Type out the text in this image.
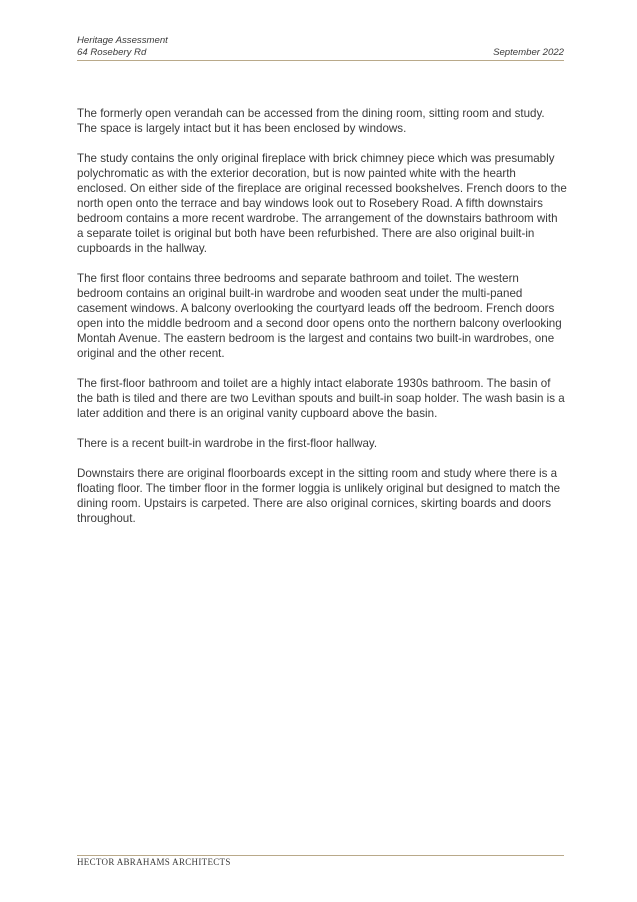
Heritage Assessment
64 Rosebery Rd	September 2022

The formerly open verandah can be accessed from the dining room, sitting room and study. The space is largely intact but it has been enclosed by windows.

The study contains the only original fireplace with brick chimney piece which was presumably polychromatic as with the exterior decoration, but is now painted white with the hearth enclosed. On either side of the fireplace are original recessed bookshelves. French doors to the north open onto the terrace and bay windows look out to Rosebery Road. A fifth downstairs bedroom contains a more recent wardrobe. The arrangement of the downstairs bathroom with a separate toilet is original but both have been refurbished. There are also original built-in cupboards in the hallway.

The first floor contains three bedrooms and separate bathroom and toilet. The western bedroom contains an original built-in wardrobe and wooden seat under the multi-paned casement windows. A balcony overlooking the courtyard leads off the bedroom. French doors open into the middle bedroom and a second door opens onto the northern balcony overlooking Montah Avenue. The eastern bedroom is the largest and contains two built-in wardrobes, one original and the other recent.

The first-floor bathroom and toilet are a highly intact elaborate 1930s bathroom. The basin of the bath is tiled and there are two Levithan spouts and built-in soap holder. The wash basin is a later addition and there is an original vanity cupboard above the basin.

There is a recent built-in wardrobe in the first-floor hallway.

Downstairs there are original floorboards except in the sitting room and study where there is a floating floor. The timber floor in the former loggia is unlikely original but designed to match the dining room. Upstairs is carpeted. There are also original cornices, skirting boards and doors throughout.

HECTOR ABRAHAMS ARCHITECTS
